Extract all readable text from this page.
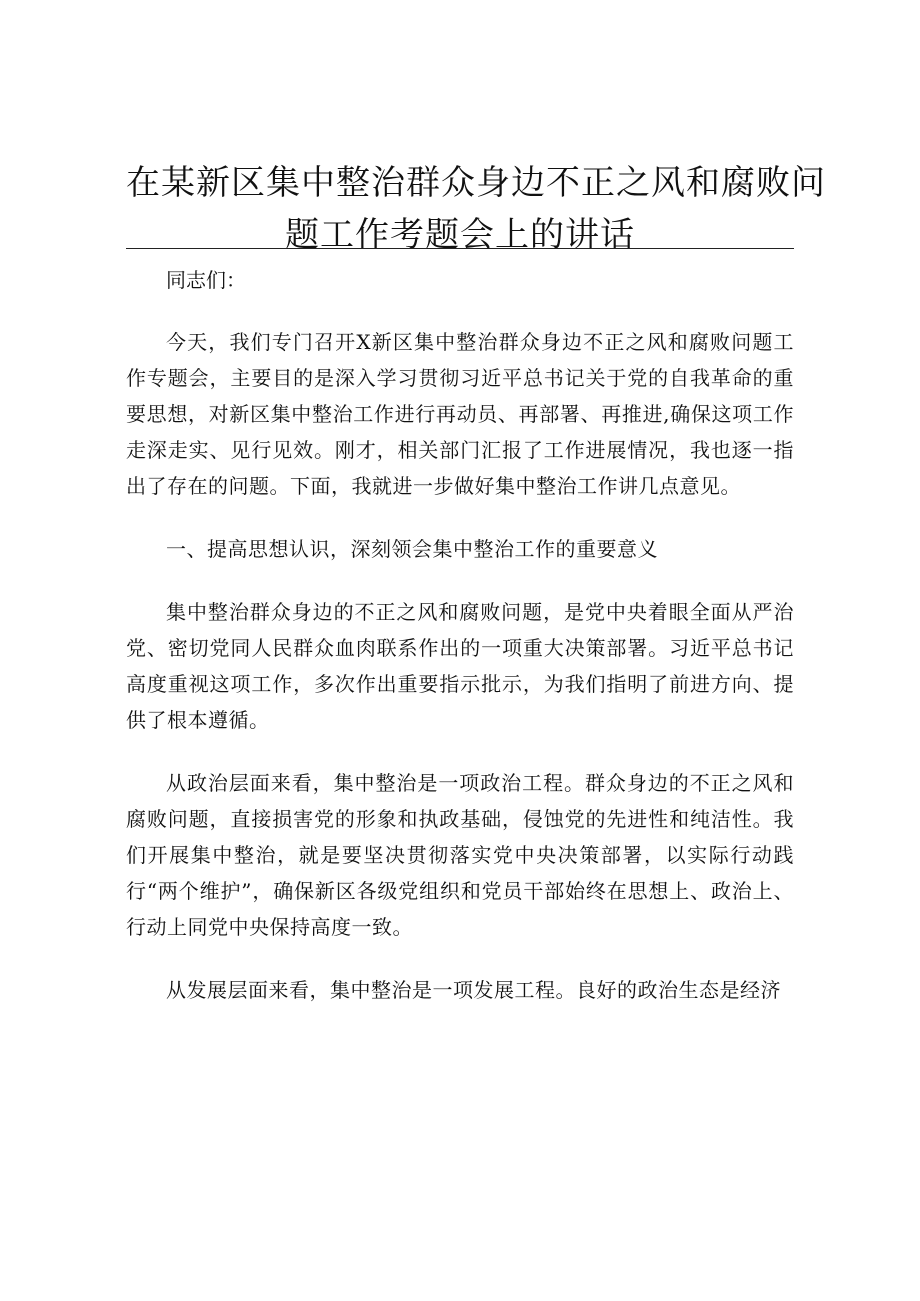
在某新区集中整治群众身边不正之风和腐败问
题工作考题会上的讲话

同志们：

今天，我们专门召开X新区集中整治群众身边不正之风和腐败问题工作专题会，主要目的是深入学习贯彻习近平总书记关于党的自我革命的重要思想，对新区集中整治工作进行再动员、再部署、再推进,确保这项工作走深走实、见行见效。刚才，相关部门汇报了工作进展情况，我也逐一指出了存在的问题。下面，我就进一步做好集中整治工作讲几点意见。

一、提高思想认识，深刻领会集中整治工作的重要意义

集中整治群众身边的不正之风和腐败问题，是党中央着眼全面从严治党、密切党同人民群众血肉联系作出的一项重大决策部署。习近平总书记高度重视这项工作，多次作出重要指示批示，为我们指明了前进方向、提供了根本遵循。

从政治层面来看，集中整治是一项政治工程。群众身边的不正之风和腐败问题，直接损害党的形象和执政基础，侵蚀党的先进性和纯洁性。我们开展集中整治，就是要坚决贯彻落实党中央决策部署，以实际行动践行“两个维护”，确保新区各级党组织和党员干部始终在思想上、政治上、行动上同党中央保持高度一致。

从发展层面来看，集中整治是一项发展工程。良好的政治生态是经济
